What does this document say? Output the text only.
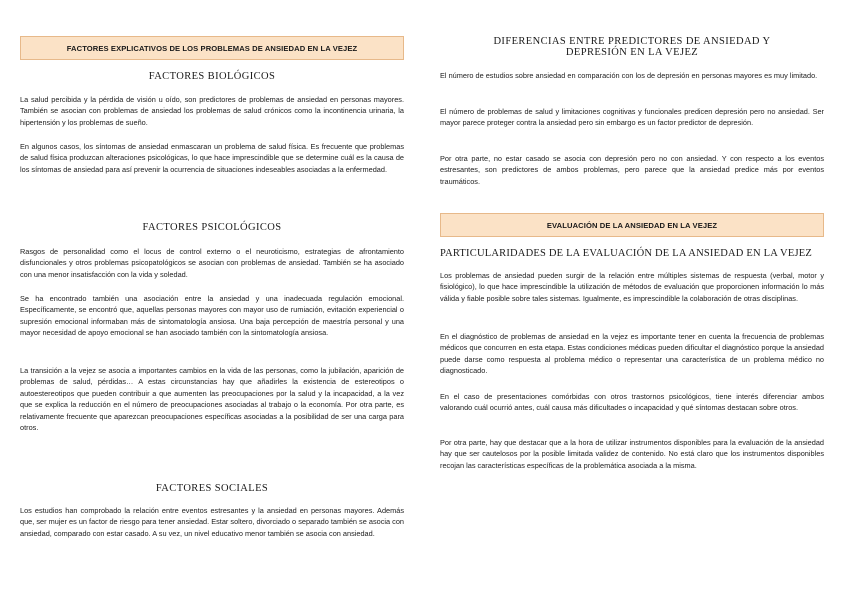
FACTORES EXPLICATIVOS DE LOS PROBLEMAS DE ANSIEDAD EN LA VEJEZ
FACTORES BIOLÓGICOS

La salud percibida y la pérdida de visión u oído, son predictores de problemas de ansiedad en personas mayores. También se asocian con problemas de ansiedad los problemas de salud crónicos como la incontinencia urinaria, la hipertensión y los problemas de sueño.

En algunos casos, los síntomas de ansiedad enmascaran un problema de salud física. Es frecuente que problemas de salud física produzcan alteraciones psicológicas, lo que hace imprescindible que se determine cuál es la causa de los síntomas de ansiedad para así prevenir la ocurrencia de situaciones indeseables asociadas a la enfermedad.

FACTORES PSICOLÓGICOS

Rasgos de personalidad como el locus de control externo o el neuroticismo, estrategias de afrontamiento disfuncionales y otros problemas psicopatológicos se asocian con problemas de ansiedad. También se ha asociado con una menor insatisfacción con la vida y soledad.

Se ha encontrado también una asociación entre la ansiedad y una inadecuada regulación emocional. Específicamente, se encontró que, aquellas personas mayores con mayor uso de rumiación, evitación experiencial o supresión emocional informaban más de sintomatología ansiosa. Una baja percepción de maestría personal y una mayor necesidad de apoyo emocional se han asociado también con la sintomatología ansiosa.

La transición a la vejez se asocia a importantes cambios en la vida de las personas, como la jubilación, aparición de problemas de salud, pérdidas… A estas circunstancias hay que añadirles la existencia de estereotipos o autoestereotipos que pueden contribuir a que aumenten las preocupaciones por la salud y la incapacidad, a la vez que se explica la reducción en el número de preocupaciones asociadas al trabajo o la economía. Por otra parte, es relativamente frecuente que aparezcan preocupaciones específicas asociadas a la posibilidad de ser una carga para otros.

FACTORES SOCIALES

Los estudios han comprobado la relación entre eventos estresantes y la ansiedad en personas mayores. Además que, ser mujer es un factor de riesgo para tener ansiedad. Estar soltero, divorciado o separado también se asocia con ansiedad, comparado con estar casado. A su vez, un nivel educativo menor también se asocia con ansiedad.

DIFERENCIAS ENTRE PREDICTORES DE ANSIEDAD Y
DEPRESIÓN EN LA VEJEZ

El número de estudios sobre ansiedad en comparación con los de depresión en personas mayores es muy limitado.

El número de problemas de salud y limitaciones cognitivas y funcionales predicen depresión pero no ansiedad. Ser mayor parece proteger contra la ansiedad pero sin embargo es un factor predictor de depresión.

Por otra parte, no estar casado se asocia con depresión pero no con ansiedad. Y con respecto a los eventos estresantes, son predictores de ambos problemas, pero parece que la ansiedad predice más por eventos traumáticos.

EVALUACIÓN DE LA ANSIEDAD EN LA VEJEZ
PARTICULARIDADES DE LA EVALUACIÓN DE LA ANSIEDAD EN LA VEJEZ

Los problemas de ansiedad pueden surgir de la relación entre múltiples sistemas de respuesta (verbal, motor y fisiológico), lo que hace imprescindible la utilización de métodos de evaluación que proporcionen información lo más válida y fiable posible sobre tales sistemas. Igualmente, es imprescindible la colaboración de otras disciplinas.

En el diagnóstico de problemas de ansiedad en la vejez es importante tener en cuenta la frecuencia de problemas médicos que concurren en esta etapa. Estas condiciones médicas pueden dificultar el diagnóstico porque la ansiedad puede darse como respuesta al problema médico o representar una característica de un problema médico no diagnosticado.

En el caso de presentaciones comórbidas con otros trastornos psicológicos, tiene interés diferenciar ambos valorando cuál ocurrió antes, cuál causa más dificultades o incapacidad y qué síntomas destacan sobre otros.

Por otra parte, hay que destacar que a la hora de utilizar instrumentos disponibles para la evaluación de la ansiedad hay que ser cautelosos por la posible limitada validez de contenido. No está claro que los instrumentos disponibles recojan las características específicas de la problemática asociada a la misma.
